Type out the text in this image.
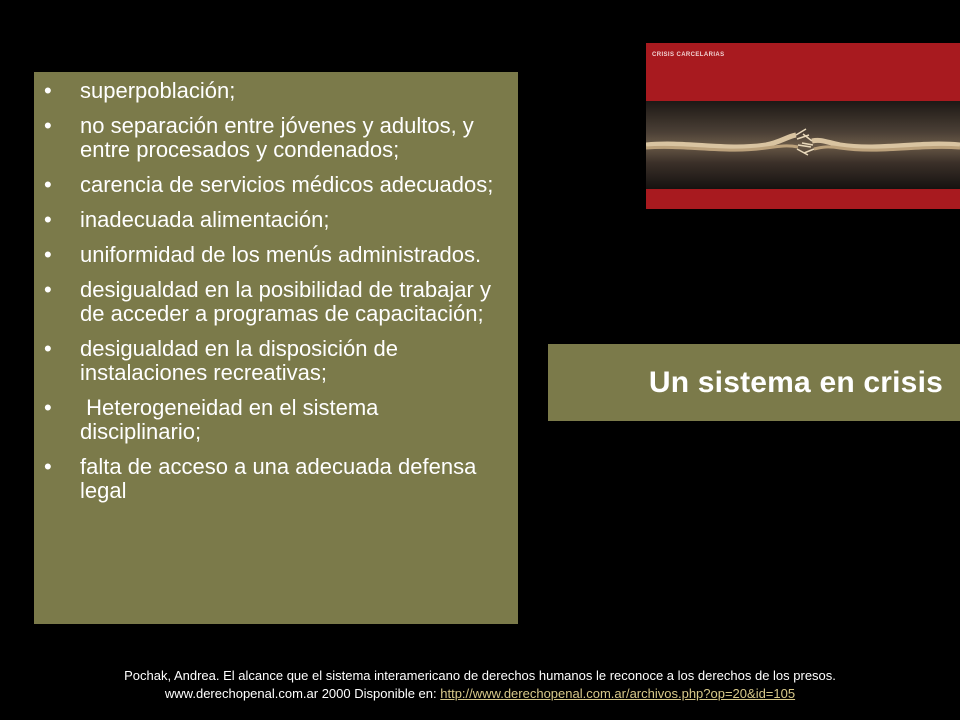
•	superpoblación;
•	no separación entre jóvenes y adultos, y entre procesados y condenados;
•	carencia de servicios médicos adecuados;
•	inadecuada alimentación;
•	uniformidad de los menús administrados.
•	desigualdad en la posibilidad de trabajar y de acceder a programas de capacitación;
•	desigualdad en la disposición de instalaciones recreativas;
•	Heterogeneidad en el sistema disciplinario;
•	falta de acceso a una adecuada defensa legal
CRISIS CARCELARIAS
Un sistema en crisis
Pochak, Andrea. El alcance que el sistema interamericano de derechos humanos le reconoce a los derechos de los presos.
www.derechopenal.com.ar 2000 Disponible en: http://www.derechopenal.com.ar/archivos.php?op=20&id=105
